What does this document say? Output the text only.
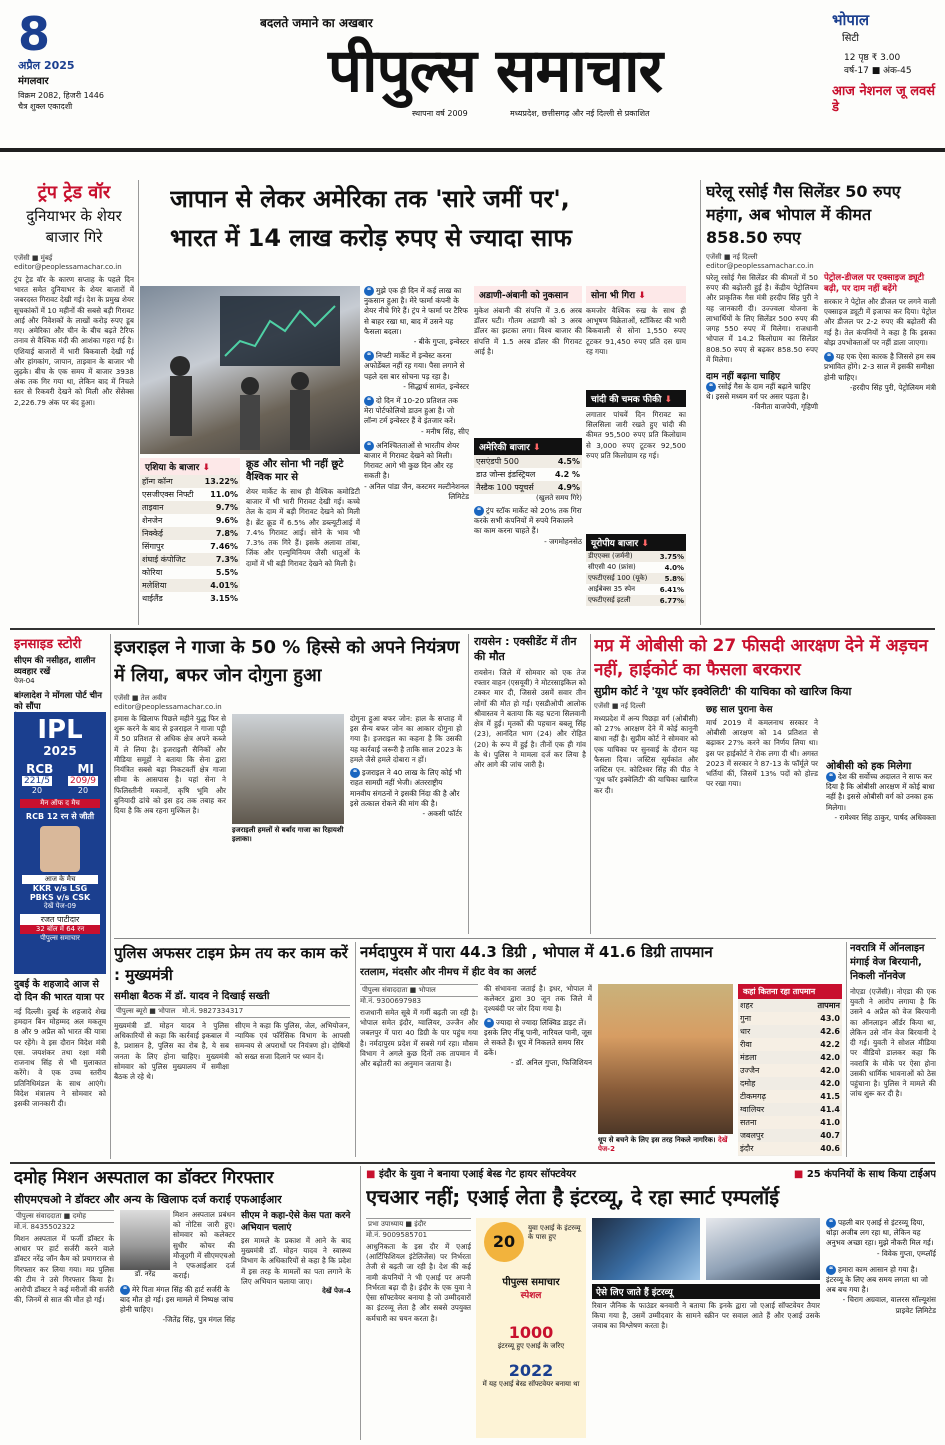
8
अप्रैल 2025
मंगलवार
विक्रम 2082, हिजरी 1446
चैत्र शुक्ल एकादशी
बदलते जमाने का अखबार
पीपुल्स समाचार
स्थापना वर्ष 2009	मध्यप्रदेश, छत्तीसगढ़ और नई दिल्ली से प्रकाशित
भोपाल
सिटी
12 पृष्ठ ₹ 3.00
वर्ष-17 ■ अंक-45
आज नेशनल जू लवर्स डे
ट्रंप ट्रेड वॉर
दुनियाभर के शेयर बाजार गिरे
एजेंसी ■ मुंबई
editor@peoplessamachar.co.in
ट्रंप ट्रेड वॉर के कारण सप्ताह के पहले दिन भारत समेत दुनियाभर के शेयर बाजारों में जबरदस्त गिरावट देखी गई। देश के प्रमुख शेयर सूचकांकों में 10 महीनों की सबसे बड़ी गिरावट आई और निवेशकों के लाखों करोड़ रुपए डूब गए। अमेरिका और चीन के बीच बढ़ते टैरिफ तनाव से वैश्विक मंदी की आशंका गहरा गई है। एशियाई बाजारों में भारी बिकवाली देखी गई और हांगकांग, जापान, ताइवान के बाजार भी लुढ़के। बीच के एक समय में बाजार 3938 अंक तक गिर गया था, लेकिन बाद में निचले स्तर से रिकवरी देखने को मिली और सेंसेक्स 2,226.79 अंक पर बंद हुआ।
जापान से लेकर अमेरिका तक 'सारे जमीं पर',
भारत में 14 लाख करोड़ रुपए से ज्यादा साफ
एशिया के बाजार ⬇
हॉन्ग कॉन्ग	13.22%
एसजीएक्स निफ्टी	11.0%
ताइवान	9.7%
शेनजेन	9.6%
निक्केई	7.8%
सिंगापुर	7.46%
शंघाई कंपोजिट	7.3%
कोरिया	5.5%
मलेशिया	4.01%
थाईलैंड	3.15%
क्रूड और सोना भी नहीं छूटे वैश्विक मार से
शेयर मार्केट के साथ ही वैश्विक कमोडिटी बाजार में भी भारी गिरावट देखी गई। कच्चे तेल के दाम में बड़ी गिरावट देखने को मिली है। ब्रेंट क्रूड में 6.5% और डब्ल्यूटीआई में 7.4% गिरावट आई। सोने के भाव भी 7.3% तक गिरे हैं। इसके अलावा तांबा, जिंक और एल्युमिनियम जैसी धातुओं के दामों में भी बड़ी गिरावट देखने को मिली है।
❝ मुझे एक ही दिन में कई लाख का नुकसान हुआ है। मेरे फार्मा कंपनी के शेयर नीचे गिरे हैं। ट्रंप ने फार्मा पर टैरिफ से बाहर रखा था, बाद में उसने यह फैसला बदला।
- बीके गुप्ता, इन्वेस्टर
❝ निफ्टी मार्केट में इन्वेस्ट करना अफोर्डेबल नहीं रह गया। पैसा लगाने से पहले दस बार सोचना पड़ रहा है।
- सिद्धार्थ सामंत, इन्वेस्टर
❝ दो दिन में 10-20 प्रतिशत तक मेरा पोर्टफोलियो डाउन हुआ है। जो लॉन्ग टर्म इन्वेस्टर हैं वे इंतजार करें।
- मनीष सिंह, सीए
❝ अनिश्चितताओं से भारतीय शेयर बाजार में गिरावट देखने को मिली। गिरावट आगे भी कुछ दिन और रह सकती है।
- अनिल पांडा जैन, कस्टमर मल्टीनेशनल लिमिटेड
अडाणी-अंबानी को नुकसान
मुकेश अंबानी की संपत्ति में 3.6 अरब डॉलर घटी। गौतम अडाणी को 3 अरब डॉलर का झटका लगा। विश्व बाजार की संपत्ति में 1.5 अरब डॉलर की गिरावट आई है।
सोना भी गिरा ⬇
कमजोर वैश्विक रुख के साथ ही आभूषण विक्रेताओं, स्टॉकिस्ट की भारी बिकवाली से सोना 1,550 रुपए टूटकर 91,450 रुपए प्रति दस ग्राम रह गया।
चांदी की चमक फीकी ⬇
लगातार पांचवें दिन गिरावट का सिलसिला जारी रखते हुए चांदी की कीमत 95,500 रुपए प्रति किलोग्राम से 3,000 रुपए टूटकर 92,500 रुपए प्रति किलोग्राम रह गई।
अमेरिकी बाजार ⬇
एसएंडपी 500	4.5%
डाउ जोन्स इंडस्ट्रियल	4.2 %
नैस्डैक 100 फ्यूचर्स	4.9%
(खुलते समय गिरे)
❝ ट्रंप स्टॉक मार्केट को 20% तक गिरा करके सभी कंपनियों में रुपये निकालने का काम करना चाहते हैं।
- जगमोहनसेठ	यूरोपीय बाजार ⬇
डीएएक्स (जर्मनी)	3.75%
सीएसी 40 (फ्रांस)	4.0%
एफटीएसई 100 (यूके)	5.8%
आईबेक्स 35 स्पेन	6.41%
एफटीएसई इटली	6.77%
घरेलू रसोई गैस सिलेंडर 50 रुपए महंगा, अब भोपाल में कीमत 858.50 रुपए
एजेंसी ■ नई दिल्ली
editor@peoplessamachar.co.in
घरेलू रसोई गैस सिलेंडर की कीमतों में 50 रुपए की बढ़ोतरी हुई है। केंद्रीय पेट्रोलियम और प्राकृतिक गैस मंत्री हरदीप सिंह पुरी ने यह जानकारी दी। उज्ज्वला योजना के लाभार्थियों के लिए सिलेंडर 500 रुपए की जगह 550 रुपए में मिलेगा। राजधानी भोपाल में 14.2 किलोग्राम का सिलेंडर 808.50 रुपए से बढ़कर 858.50 रुपए में मिलेगा।
दाम नहीं बढ़ाना चाहिए
❝ रसोई गैस के दाम नहीं बढ़ाने चाहिए थे। इससे मध्यम वर्ग पर असर पड़ता है।
-विनीता वाजपेयी, गृहिणी
पेट्रोल-डीजल पर एक्साइज ड्यूटी बढ़ी, पर दाम नहीं बढ़ेंगे
सरकार ने पेट्रोल और डीजल पर लगने वाली एक्साइज ड्यूटी में इजाफा कर दिया। पेट्रोल और डीजल पर 2-2 रुपए की बढ़ोतरी की गई है। तेल कंपनियों ने कहा है कि इसका बोझ उपभोक्ताओं पर नहीं डाला जाएगा।
❝ यह एक ऐसा कारक है जिससे हम सब प्रभावित होंगे। 2-3 साल में इसकी समीक्षा होनी चाहिए।
-हरदीप सिंह पुरी, पेट्रोलियम मंत्री
इनसाइड स्टोरी
सीएम की नसीहत, शालीन व्यवहार रखें
पेज-04
बांग्लादेश ने मोंगला पोर्ट चीन को सौंपा
IPL
2025
RCB MI
221/5 209/9
20	20
मैन ऑफ द मैच
RCB 12 रन से जीती
आज के मैच
KKR v/s LSG
PBKS v/s CSK
देखें पेज-09
रजत पाटीदार
32 बॉल में 64 रन
पीपुल्स समाचार
दुबई के शहजादे आज से दो दिन की भारत यात्रा पर
नई दिल्ली। दुबई के शहजादे शेख हमदान बिन मोहम्मद अल मकतूम 8 और 9 अप्रैल को भारत की यात्रा पर रहेंगे। वे इस दौरान विदेश मंत्री एस. जयशंकर तथा रक्षा मंत्री राजनाथ सिंह से भी मुलाकात करेंगे। वे एक उच्च स्तरीय प्रतिनिधिमंडल के साथ आएंगे। विदेश मंत्रालय ने सोमवार को इसकी जानकारी दी।
इजराइल ने गाजा के 50 % हिस्से को अपने नियंत्रण में लिया, बफर जोन दोगुना हुआ
एजेंसी ■ तेल अवीव
editor@peoplessamachar.co.in
हमास के खिलाफ पिछले महीने युद्ध फिर से शुरू करने के बाद से इजराइल ने गाजा पट्टी में 50 प्रतिशत से अधिक क्षेत्र अपने कब्जे में ले लिया है। इजराइली सैनिकों और मीडिया समूहों ने बताया कि सेना द्वारा नियंत्रित सबसे बड़ा निकटवर्ती क्षेत्र गाजा सीमा के आसपास है। यहां सेना ने फिलिस्तीनी मकानों, कृषि भूमि और बुनियादी ढांचे को इस हद तक तबाह कर दिया है कि अब रहना मुश्किल है।
इजराइली हमलों से बर्बाद गाजा का रिहायशी इलाका।
दोगुना हुआ बफर जोन: हाल के सप्ताह में इस सैन्य बफर जोन का आकार दोगुना हो गया है। इजराइल का कहना है कि उसकी यह कार्रवाई जरूरी है ताकि साल 2023 के हमले जैसे हमले दोबारा न हों।
❝ इजराइल ने 40 लाख के लिए कोई भी राहत सामग्री नहीं भेजी। अंतरराष्ट्रीय मानवीय संगठनों ने इसकी निंदा की है और इसे तत्काल रोकने की मांग की है।
- अकसी फॉर्टर
रायसेन : एक्सीडेंट में तीन की मौत
रायसेन। जिले में सोमवार को एक तेज रफ्तार वाहन (एसयूवी) ने मोटरसाइकिल को टक्कर मार दी, जिससे उसमें सवार तीन लोगों की मौत हो गई। एसडीओपी आलोक श्रीवास्तव ने बताया कि यह घटना सिलवानी क्षेत्र में हुई। मृतकों की पहचान बबलू सिंह (23), आनंदित भाग (24) और रोहित (20) के रूप में हुई है। तीनों एक ही गांव के थे। पुलिस ने मामला दर्ज कर लिया है और आगे की जांच जारी है।
मप्र में ओबीसी को 27 फीसदी आरक्षण देने में अड़चन नहीं, हाईकोर्ट का फैसला बरकरार
सुप्रीम कोर्ट ने 'यूथ फॉर इक्वेलिटी' की याचिका को खारिज किया
एजेंसी ■ नई दिल्ली
मध्यप्रदेश में अन्य पिछड़ा वर्ग (ओबीसी) को 27% आरक्षण देने में कोई कानूनी बाधा नहीं है। सुप्रीम कोर्ट ने सोमवार को एक याचिका पर सुनवाई के दौरान यह फैसला दिया। जस्टिस सूर्यकांत और जस्टिस एन. कोटिश्वर सिंह की पीठ ने 'यूथ फॉर इक्वेलिटी' की याचिका खारिज कर दी।
छह साल पुराना केस
मार्च 2019 में कमलनाथ सरकार ने ओबीसी आरक्षण को 14 प्रतिशत से बढ़ाकर 27% करने का निर्णय लिया था। इस पर हाईकोर्ट ने रोक लगा दी थी। अगस्त 2023 में सरकार ने 87-13 के फॉर्मूले पर भर्तियां कीं, जिसमें 13% पदों को होल्ड पर रखा गया।
ओबीसी को हक मिलेगा
❝ देश की सर्वोच्च अदालत ने साफ कर दिया है कि ओबीसी आरक्षण में कोई बाधा नहीं है। इससे ओबीसी वर्ग को उनका हक मिलेगा।
- रामेश्वर सिंह ठाकुर, पार्षद अधिवक्ता
पुलिस अफसर टाइम फ्रेम तय कर काम करें : मुख्यमंत्री
समीक्षा बैठक में डॉ. यादव ने दिखाई सख्ती
पीपुल्स ब्यूरो ■ भोपाल मो.नं. 9827334317
मुख्यमंत्री डॉ. मोहन यादव ने पुलिस अधिकारियों से कहा कि कार्रवाई इकबाल में है, प्रशासन है, पुलिस का रोब है, ये सब जनता के लिए होना चाहिए। मुख्यमंत्री सोमवार को पुलिस मुख्यालय में समीक्षा बैठक ले रहे थे।
सीएम ने कहा कि पुलिस, जेल, अभियोजन, न्यायिक एवं फॉरेंसिक विभाग के आपसी समन्वय से अपराधों पर नियंत्रण हो। दोषियों को सख्त सजा दिलाने पर ध्यान दें।
नर्मदापुरम में पारा 44.3 डिग्री , भोपाल में 41.6 डिग्री तापमान
रतलाम, मंदसौर और नीमच में हीट वेव का अलर्ट
पीपुल्स संवाददाता ■ भोपाल
मो.नं. 9300697983
राजधानी समेत सूबे में गर्मी बढ़ती जा रही है। भोपाल समेत इंदौर, ग्वालियर, उज्जैन और जबलपुर में पारा 40 डिग्री के पार पहुंच गया है। नर्मदापुरम प्रदेश में सबसे गर्म रहा। मौसम विभाग ने अगले कुछ दिनों तक तापमान में और बढ़ोतरी का अनुमान जताया है।
की संभावना जताई है। इधर, भोपाल में कलेक्टर द्वारा 30 जून तक जिले में दृश्यबंदी पर जोर दिया गया है।
❝ ज्यादा से ज्यादा लिक्विड डाइट लें। इसके लिए नींबू पानी, नारियल पानी, जूस ले सकते हैं। धूप में निकलते समय सिर ढकें।
- डॉ. अनिल गुप्ता, फिजिशियन
धूप से बचने के लिए इस तरह निकले नागरिक। देखें पेज-2
कहां कितना रहा तापमान
शहर	तापमान
गुना	43.0
धार	42.6
रीवा	42.2
मंडला	42.0
उज्जैन	42.0
दमोह	42.0
टीकमगढ़	41.5
ग्वालियर	41.4
सतना	41.0
जबलपुर	40.7
इंदौर	40.6

नवरात्रि में ऑनलाइन मंगाई वेज बिरयानी, निकली नॉनवेज
नोएडा (एजेंसी)। नोएडा की एक युवती ने आरोप लगाया है कि उसने 4 अप्रैल को वेज बिरयानी का ऑनलाइन ऑर्डर किया था, लेकिन उसे नॉन वेज बिरयानी दे दी गई। युवती ने सोशल मीडिया पर वीडियो डालकर कहा कि नवरात्रि के मौके पर ऐसा होना उसकी धार्मिक भावनाओं को ठेस पहुंचाना है। पुलिस ने मामले की जांच शुरू कर दी है।
दमोह मिशन अस्पताल का डॉक्टर गिरफ्तार
सीएमएचओ ने डॉक्टर और अन्य के खिलाफ दर्ज कराई एफआईआर
पीपुल्स संवाददाता ■ दमोह
मो.नं. 8435502322
मिशन अस्पताल में फर्जी डॉक्टर के आधार पर हार्ट सर्जरी करने वाले डॉक्टर नरेंद्र जॉन कैम को प्रयागराज से गिरफ्तार कर लिया गया। मप्र पुलिस की टीम ने उसे गिरफ्तार किया है। आरोपी डॉक्टर ने कई मरीजों की सर्जरी की, जिनमें से सात की मौत हो गई।
डॉ. नरेंद्र
मिशन अस्पताल प्रबंधन को नोटिस जारी हुए। सोमवार को कलेक्टर सुधीर कोचर की मौजूदगी में सीएमएचओ ने एफआईआर दर्ज कराई।
❝ मेरे पिता मंगल सिंह की हार्ट सर्जरी के बाद मौत हो गई। इस मामले में निष्पक्ष जांच होनी चाहिए।
-जितेंद्र सिंह, पुत्र मंगल सिंह
सीएम ने कहा-ऐसे केस पता करने अभियान चलाएं
इस मामले के प्रकाश में आने के बाद मुख्यमंत्री डॉ. मोहन यादव ने स्वास्थ्य विभाग के अधिकारियों से कहा है कि प्रदेश में इस तरह के मामलों का पता लगाने के लिए अभियान चलाया जाए।
देखें पेज-4
■ इंदौर के युवा ने बनाया एआई बेस्ड गेट हायर सॉफ्टवेयर	■ 25 कंपनियों के साथ किया टाईअप
एचआर नहीं; एआई लेता है इंटरव्यू, दे रहा स्मार्ट एम्पलॉई
प्रभा उपाध्याय ■ इंदौर
मो.नं. 9009585701
आधुनिकता के इस दौर में एआई (आर्टिफिशियल इंटेलिजेंस) पर निर्भरता तेजी से बढ़ती जा रही है। देश की कई नामी कंपनियों ने भी एआई पर अपनी निर्भरता बढ़ा दी है। इंदौर के एक युवा ने ऐसा सॉफ्टवेयर बनाया है जो उम्मीदवारों का इंटरव्यू लेता है और सबसे उपयुक्त कर्मचारी का चयन करता है।
पीपुल्स समाचार
स्पेशल
20
युवा एआई के इंटरव्यू के पास हुए
1000
इंटरव्यू हुए एआई के जरिए
2022
में यह एआई बेस्ड सॉफ्टवेयर बनाया था
ऐसे लिए जाते हैं इंटरव्यू
रिवान जैनिक के फाउंडर बनवारी ने बताया कि इनके द्वारा जो एआई सॉफ्टवेयर तैयार किया गया है, उसमें उम्मीदवार के सामने स्क्रीन पर सवाल आते हैं और एआई उसके जवाब का विश्लेषण करता है।
❝ पहली बार एआई से इंटरव्यू दिया, थोड़ा अजीब लग रहा था, लेकिन यह अनुभव अच्छा रहा। मुझे नौकरी मिल गई।
- विवेक गुप्ता, एम्प्लॉई
❝ हमारा काम आसान हो गया है। इंटरव्यू के लिए अब समय लगता था जो अब बच गया है।
- चिराग अग्रवाल, वालरस सॉल्यूशंस प्राइवेट लिमिटेड
